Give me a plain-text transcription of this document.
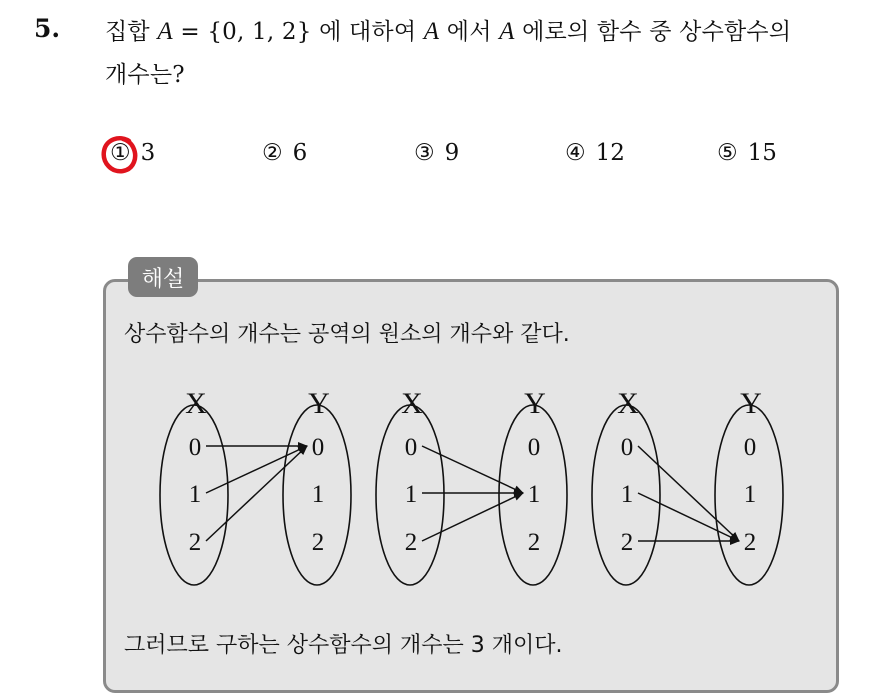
5. 집합 A = {0, 1, 2} 에 대하여 A 에서 A 에로의 함수 중 상수함수의
개수는?
① 3	② 6	③ 9	④ 12	⑤ 15
해설
상수함수의 개수는 공역의 원소의 개수와 같다.
그러므로 구하는 상수함수의 개수는 3 개이다.
X	Y
0
1
2
0
1
2
X	Y
0
1
2
0
1
2
X	Y
0
1
2
0
1
2
